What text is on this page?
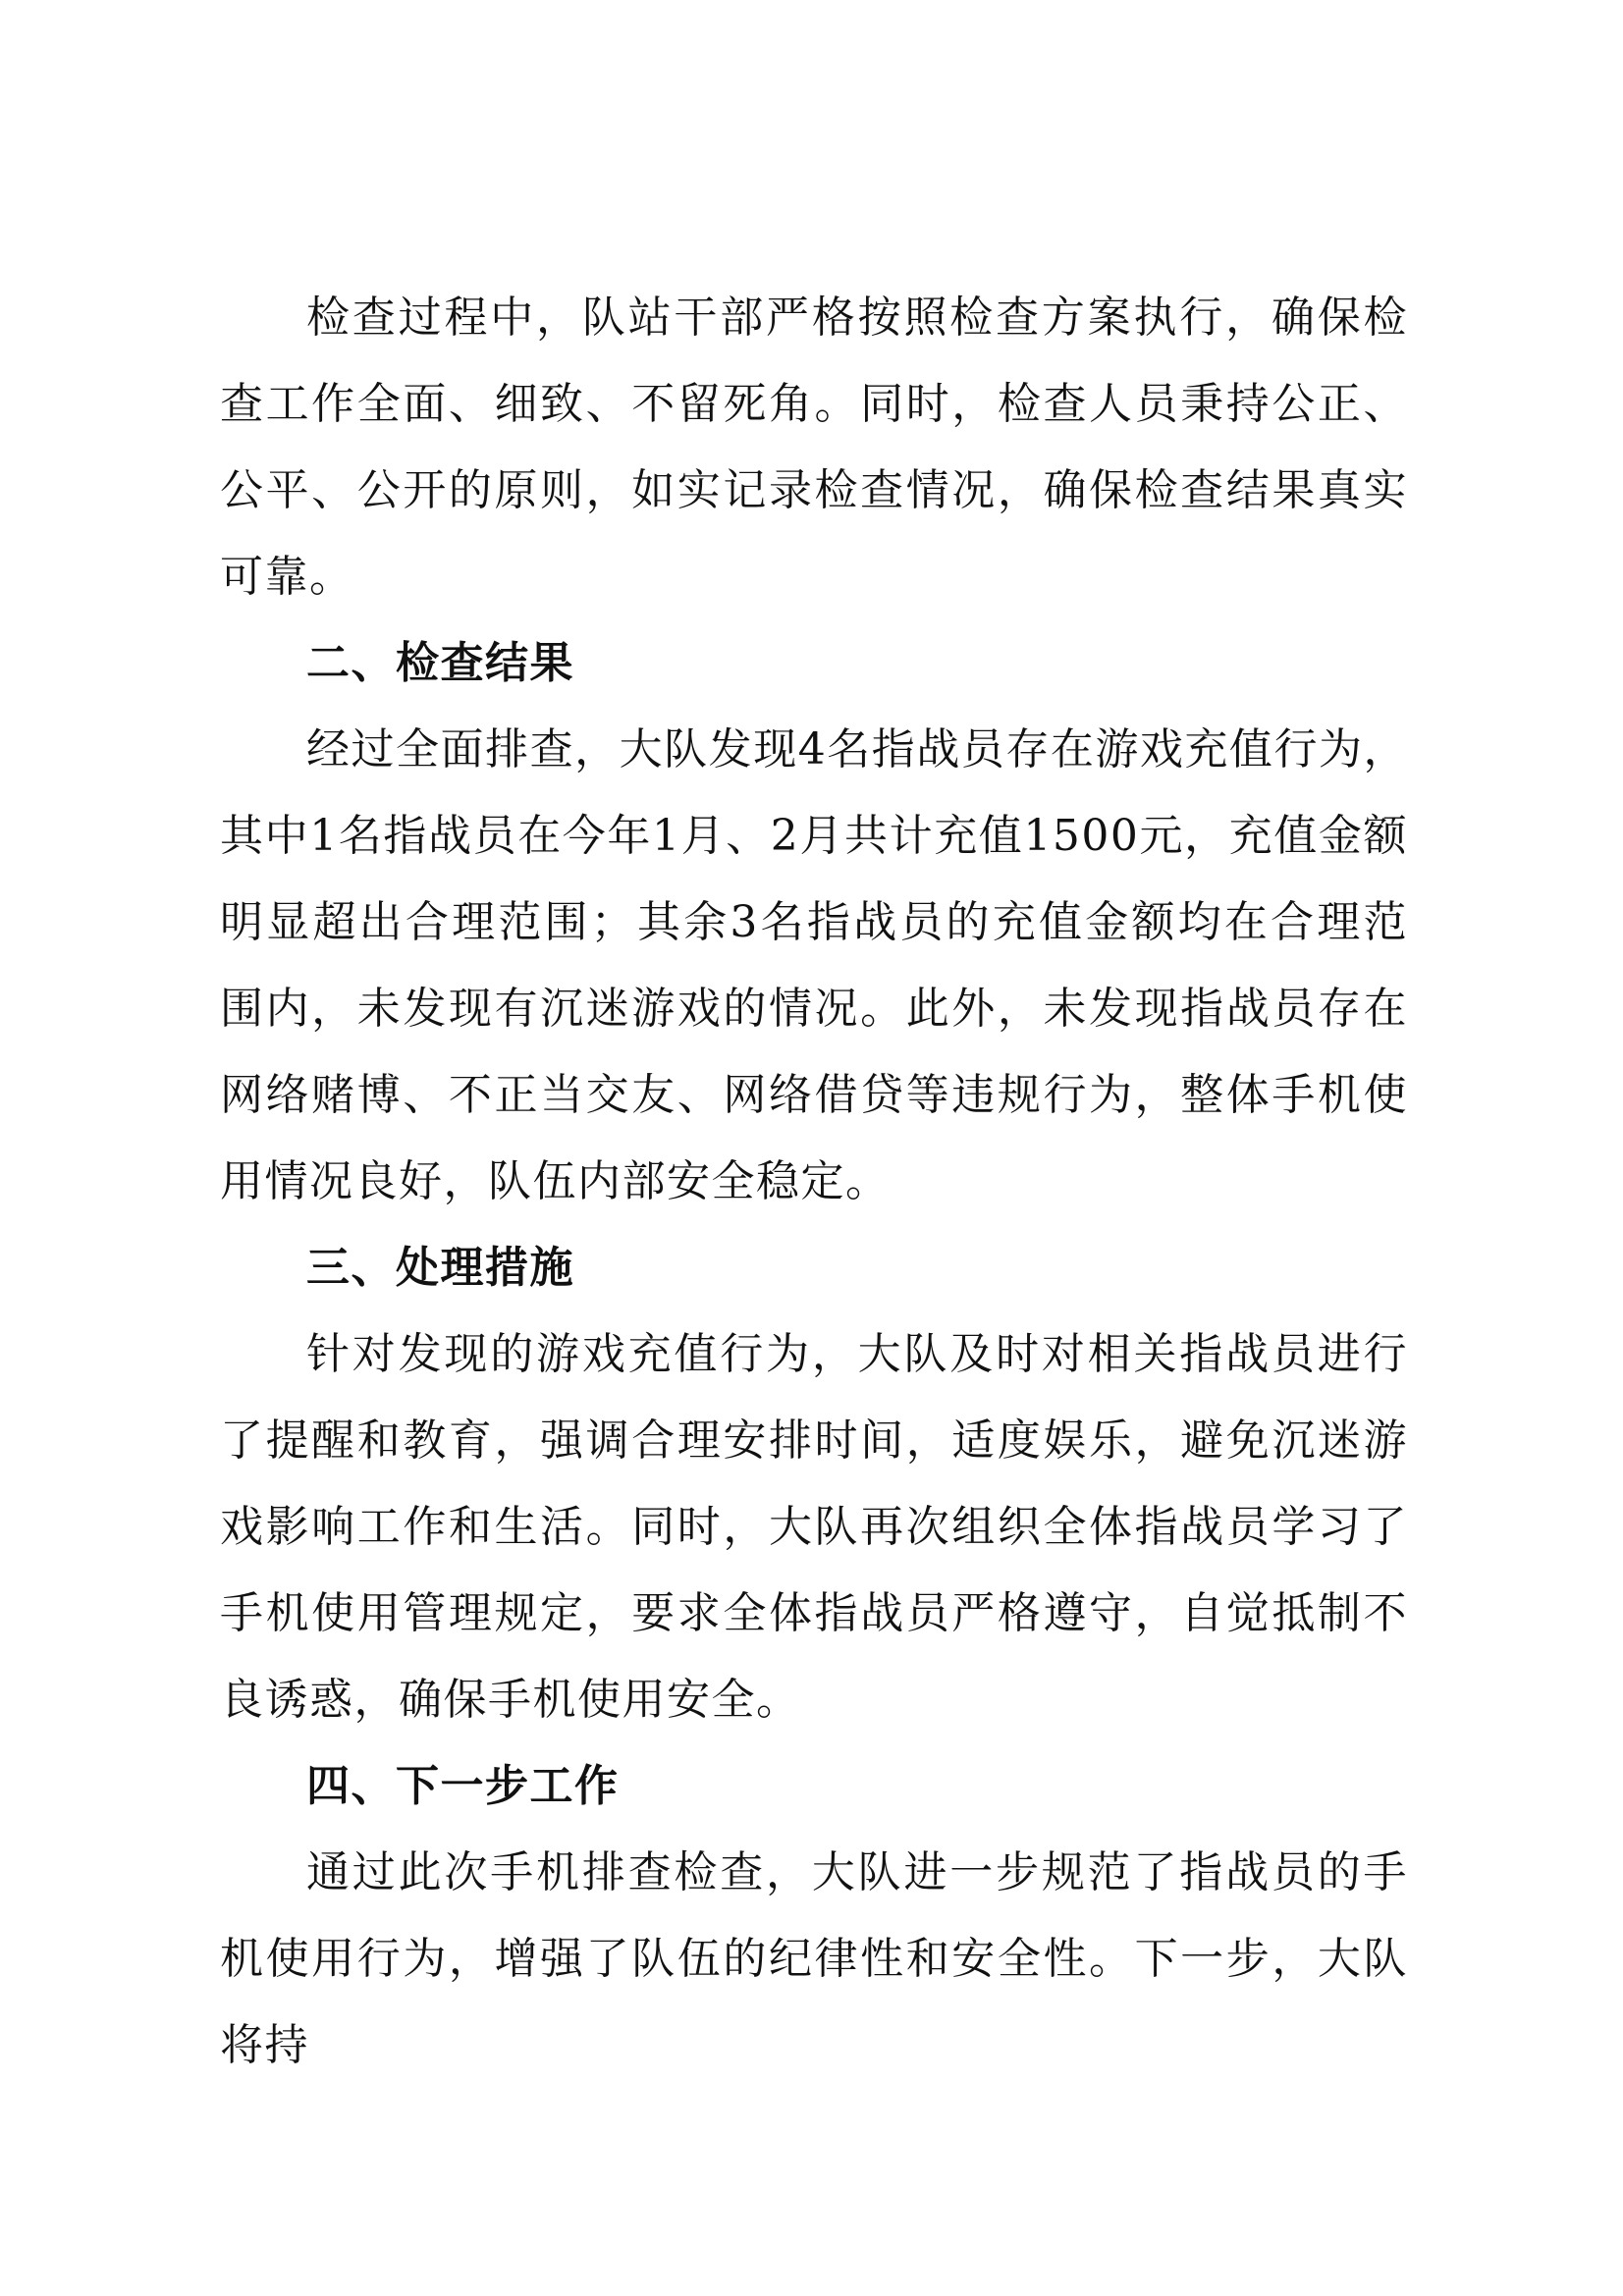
检查过程中，队站干部严格按照检查方案执行，确保检查工作全面、细致、不留死角。同时，检查人员秉持公正、公平、公开的原则，如实记录检查情况，确保检查结果真实可靠。

二、检查结果

经过全面排查，大队发现4名指战员存在游戏充值行为，其中1名指战员在今年1月、2月共计充值1500元，充值金额明显超出合理范围；其余3名指战员的充值金额均在合理范围内，未发现有沉迷游戏的情况。此外，未发现指战员存在网络赌博、不正当交友、网络借贷等违规行为，整体手机使用情况良好，队伍内部安全稳定。

三、处理措施

针对发现的游戏充值行为，大队及时对相关指战员进行了提醒和教育，强调合理安排时间，适度娱乐，避免沉迷游戏影响工作和生活。同时，大队再次组织全体指战员学习了手机使用管理规定，要求全体指战员严格遵守，自觉抵制不良诱惑，确保手机使用安全。

四、下一步工作

通过此次手机排查检查，大队进一步规范了指战员的手机使用行为，增强了队伍的纪律性和安全性。下一步，大队将持
